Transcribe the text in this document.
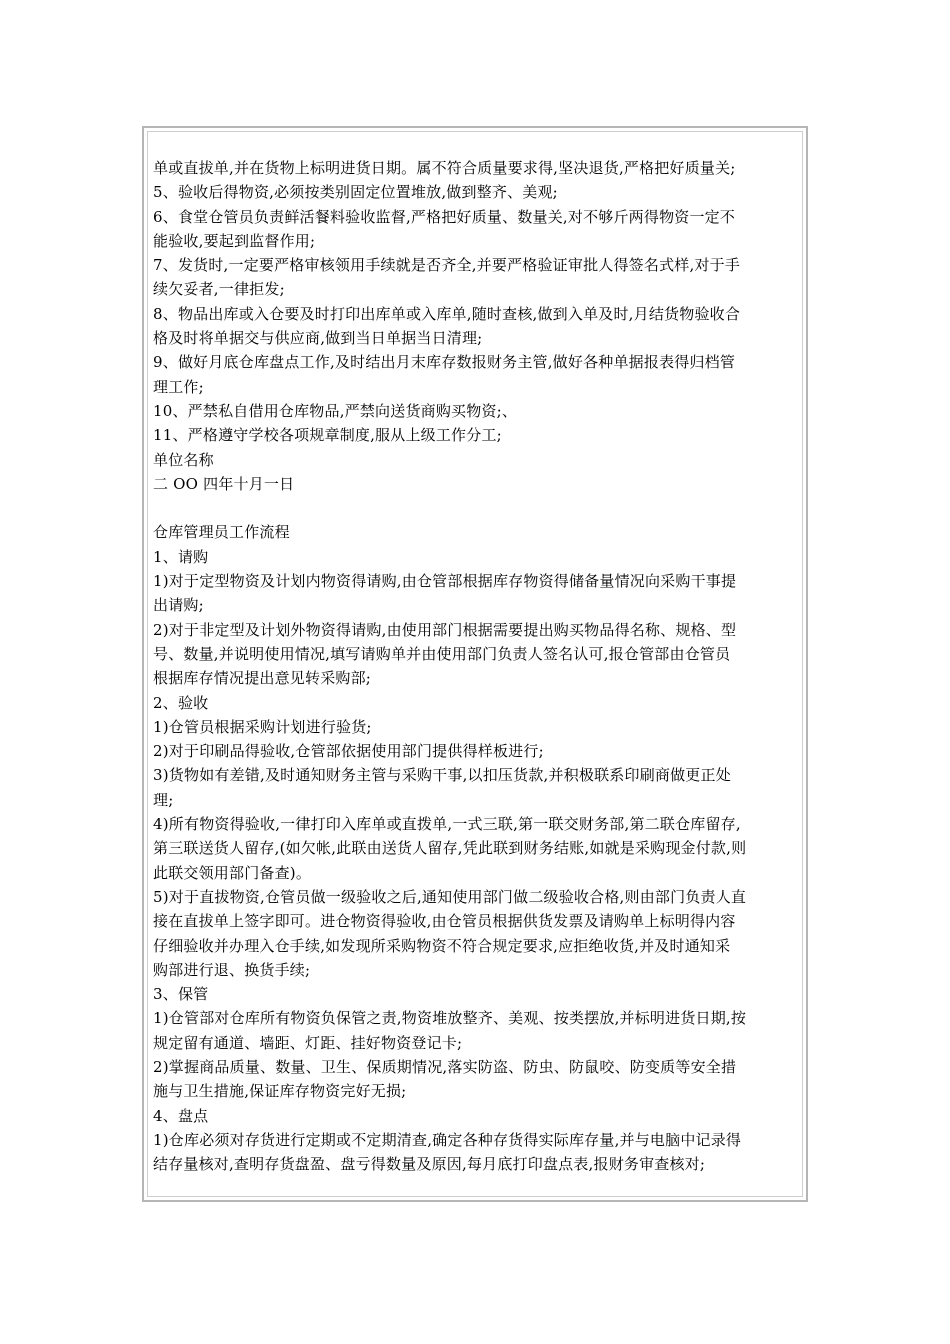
单或直拔单,并在货物上标明进货日期。属不符合质量要求得,坚决退货,严格把好质量关;
5、验收后得物资,必须按类别固定位置堆放,做到整齐、美观;
6、食堂仓管员负责鲜活餐料验收监督,严格把好质量、数量关,对不够斤两得物资一定不
能验收,要起到监督作用;
7、发货时,一定要严格审核领用手续就是否齐全,并要严格验证审批人得签名式样,对于手
续欠妥者,一律拒发;
8、物品出库或入仓要及时打印出库单或入库单,随时查核,做到入单及时,月结货物验收合
格及时将单据交与供应商,做到当日单据当日清理;
9、做好月底仓库盘点工作,及时结出月末库存数报财务主管,做好各种单据报表得归档管
理工作;
10、严禁私自借用仓库物品,严禁向送货商购买物资;、
11、严格遵守学校各项规章制度,服从上级工作分工;
单位名称
二 OO 四年十月一日
仓库管理员工作流程
1、请购
1)对于定型物资及计划内物资得请购,由仓管部根据库存物资得储备量情况向采购干事提
出请购;
2)对于非定型及计划外物资得请购,由使用部门根据需要提出购买物品得名称、规格、型
号、数量,并说明使用情况,填写请购单并由使用部门负责人签名认可,报仓管部由仓管员
根据库存情况提出意见转采购部;
2、验收
1)仓管员根据采购计划进行验货;
2)对于印刷品得验收,仓管部依据使用部门提供得样板进行;
3)货物如有差错,及时通知财务主管与采购干事,以扣压货款,并积极联系印刷商做更正处
理;
4)所有物资得验收,一律打印入库单或直拨单,一式三联,第一联交财务部,第二联仓库留存,
第三联送货人留存,(如欠帐,此联由送货人留存,凭此联到财务结账,如就是采购现金付款,则
此联交领用部门备查)。
5)对于直拔物资,仓管员做一级验收之后,通知使用部门做二级验收合格,则由部门负责人直
接在直拔单上签字即可。进仓物资得验收,由仓管员根据供货发票及请购单上标明得内容
仔细验收并办理入仓手续,如发现所采购物资不符合规定要求,应拒绝收货,并及时通知采
购部进行退、换货手续;
3、保管
1)仓管部对仓库所有物资负保管之责,物资堆放整齐、美观、按类摆放,并标明进货日期,按
规定留有通道、墙距、灯距、挂好物资登记卡;
2)掌握商品质量、数量、卫生、保质期情况,落实防盗、防虫、防鼠咬、防变质等安全措
施与卫生措施,保证库存物资完好无损;
4、盘点
1)仓库必须对存货进行定期或不定期清查,确定各种存货得实际库存量,并与电脑中记录得
结存量核对,查明存货盘盈、盘亏得数量及原因,每月底打印盘点表,报财务审查核对;
